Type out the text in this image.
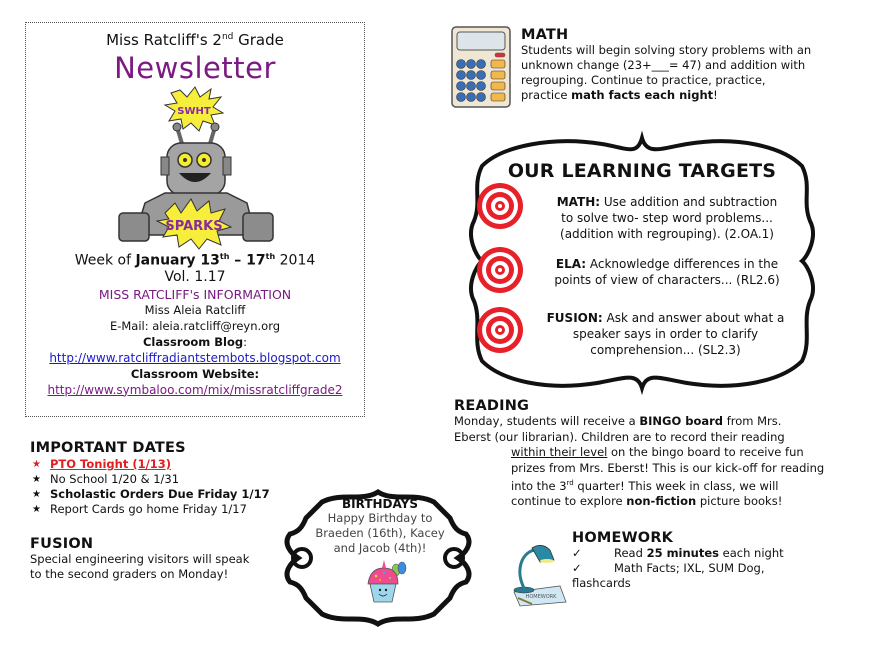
Miss Ratcliff's 2nd Grade
Newsletter
SWHT
SPARKS
Week of January 13th – 17th 2014
Vol. 1.17
MISS RATCLIFF's INFORMATION
Miss Aleia Ratcliff
E-Mail: aleia.ratcliff@reyn.org
Classroom Blog:
http://www.ratcliffradiantstembots.blogspot.com
Classroom Website:
http://www.symbaloo.com/mix/missratcliffgrade2
IMPORTANT DATES
★ PTO Tonight (1/13)
★ No School 1/20 & 1/31
★ Scholastic Orders Due Friday 1/17
★ Report Cards go home Friday 1/17
FUSION
Special engineering visitors will speak
to the second graders on Monday!
MATH
Students will begin solving story problems with an
unknown change (23+___= 47) and addition with
regrouping. Continue to practice, practice,
practice math facts each night!
OUR LEARNING TARGETS
MATH: Use addition and subtraction
to solve two- step word problems...
(addition with regrouping). (2.OA.1)
ELA: Acknowledge differences in the
points of view of characters... (RL2.6)
FUSION: Ask and answer about what a
speaker says in order to clarify
comprehension... (SL2.3)
READING
Monday, students will receive a BINGO board from Mrs.
Eberst (our librarian). Children are to record their reading
within their level on the bingo board to receive fun
prizes from Mrs. Eberst! This is our kick-off for reading
into the 3rd quarter! This week in class, we will
continue to explore non-fiction picture books!
BIRTHDAYS
Happy Birthday to
Braeden (16th), Kacey
and Jacob (4th)!
HOMEWORK
HOMEWORK
✓	Read 25 minutes each night
✓	Math Facts; IXL, SUM Dog,
flashcards
